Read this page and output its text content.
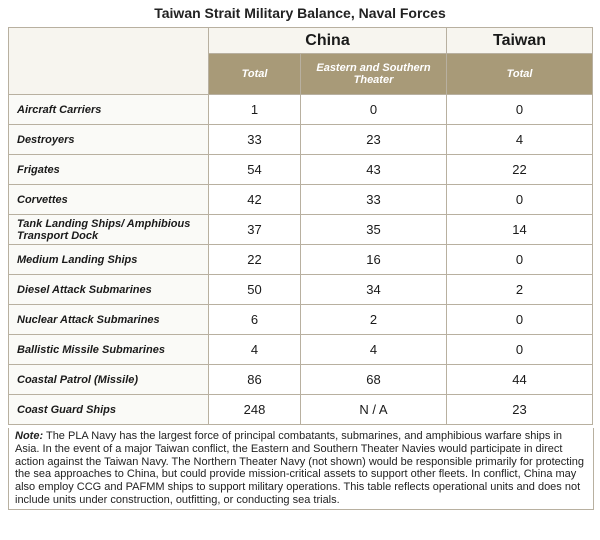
Taiwan Strait Military Balance, Naval Forces
	China		Taiwan
	Total	Eastern and Southern Theater	Total
Aircraft Carriers	1	0	0
Destroyers	33	23	4
Frigates	54	43	22
Corvettes	42	33	0
Tank Landing Ships/ Amphibious Transport Dock	37	35	14
Medium Landing Ships	22	16	0
Diesel Attack Submarines	50	34	2
Nuclear Attack Submarines	6	2	0
Ballistic Missile Submarines	4	4	0
Coastal Patrol (Missile)	86	68	44
Coast Guard Ships	248	N / A	23
Note: The PLA Navy has the largest force of principal combatants, submarines, and amphibious warfare ships in Asia. In the event of a major Taiwan conflict, the Eastern and Southern Theater Navies would participate in direct action against the Taiwan Navy. The Northern Theater Navy (not shown) would be responsible primarily for protecting the sea approaches to China, but could provide mission-critical assets to support other fleets. In conflict, China may also employ CCG and PAFMM ships to support military operations. This table reflects operational units and does not include units under construction, outfitting, or conducting sea trials.
